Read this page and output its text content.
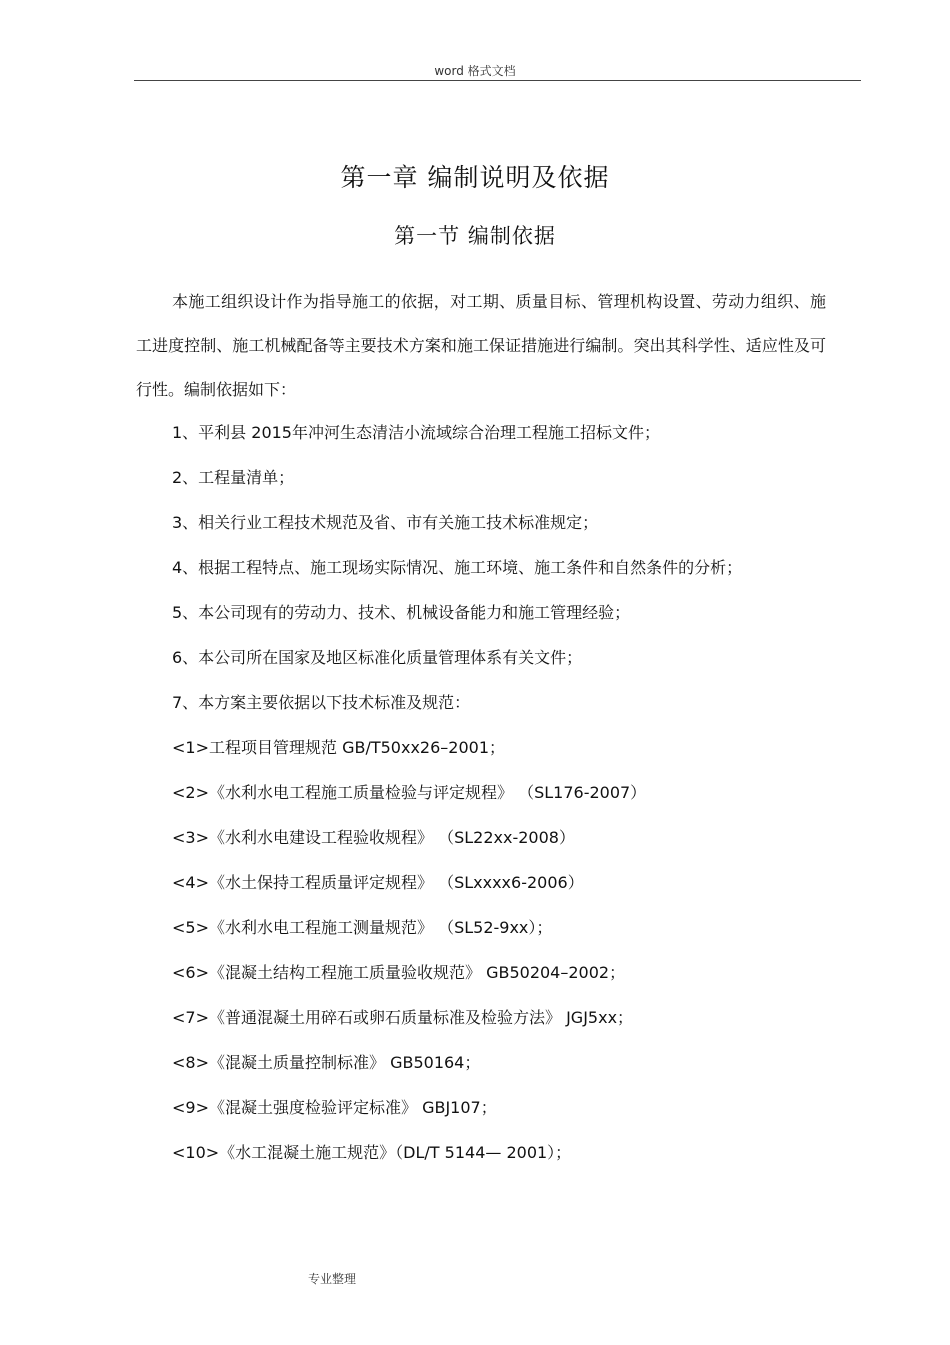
word 格式文档
第一章 编制说明及依据
第一节 编制依据

本施工组织设计作为指导施工的依据，对工期、质量目标、管理机构设置、劳动力组织、施工进度控制、施工机械配备等主要技术方案和施工保证措施进行编制。突出其科学性、适应性及可行性。编制依据如下：

1、平利县 2015年冲河生态清洁小流域综合治理工程施工招标文件；
2、工程量清单；
3、相关行业工程技术规范及省、市有关施工技术标准规定；
4、根据工程特点、施工现场实际情况、施工环境、施工条件和自然条件的分析；
5、本公司现有的劳动力、技术、机械设备能力和施工管理经验；
6、本公司所在国家及地区标准化质量管理体系有关文件；
7、本方案主要依据以下技术标准及规范：
<1>工程项目管理规范 GB/T50xx26–2001；
<2>《水利水电工程施工质量检验与评定规程》 （SL176-2007）
<3>《水利水电建设工程验收规程》 （SL22xx-2008）
<4>《水土保持工程质量评定规程》 （SLxxxx6-2006）
<5>《水利水电工程施工测量规范》 （SL52-9xx）；
<6>《混凝土结构工程施工质量验收规范》 GB50204–2002；
<7>《普通混凝土用碎石或卵石质量标准及检验方法》 JGJ5xx；
<8>《混凝土质量控制标准》 GB50164；
<9>《混凝土强度检验评定标准》 GBJ107；
<10>《水工混凝土施工规范》（DL/T 5144— 2001）；
专业整理
